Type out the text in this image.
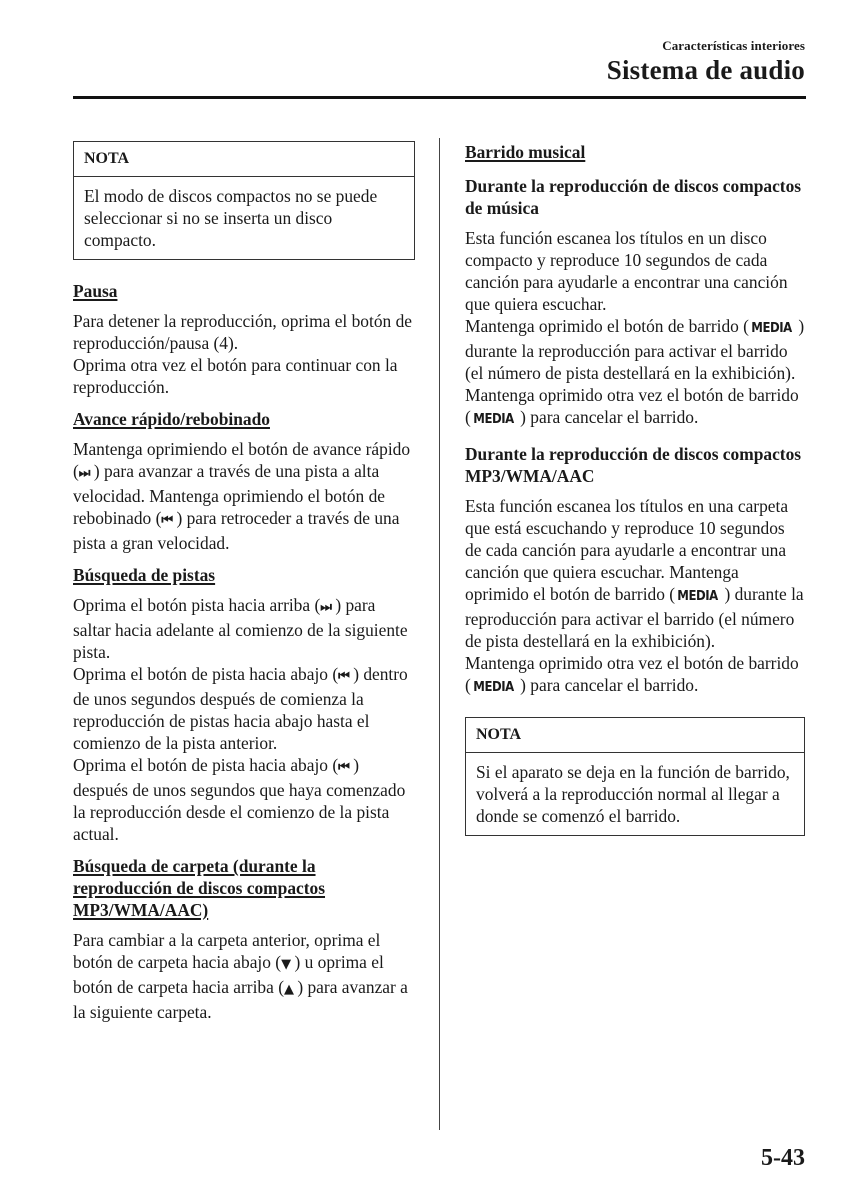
Características interiores
Sistema de audio
NOTA
El modo de discos compactos no se puede seleccionar si no se inserta un disco compacto.

Pausa

Para detener la reproducción, oprima el botón de reproducción/pausa (4).

Oprima otra vez el botón para continuar con la reproducción.

Avance rápido/rebobinado

Mantenga oprimiendo el botón de avance rápido (⏭ ) para avanzar a través de una pista a alta velocidad. Mantenga oprimiendo el botón de rebobinado (⏮ ) para retroceder a través de una pista a gran velocidad.

Búsqueda de pistas

Oprima el botón pista hacia arriba (⏭ ) para saltar hacia adelante al comienzo de la siguiente pista.

Oprima el botón de pista hacia abajo (⏮ ) dentro de unos segundos después de comienza la reproducción de pistas hacia abajo hasta el comienzo de la pista anterior.

Oprima el botón de pista hacia abajo (⏮ ) después de unos segundos que haya comenzado la reproducción desde el comienzo de la pista actual.

Búsqueda de carpeta (durante la reproducción de discos compactos MP3/WMA/AAC)

Para cambiar a la carpeta anterior, oprima el botón de carpeta hacia abajo (▼ ) u oprima el botón de carpeta hacia arriba (▲ ) para avanzar a la siguiente carpeta.

Barrido musical

Durante la reproducción de discos compactos de música

Esta función escanea los títulos en un disco compacto y reproduce 10 segundos de cada canción para ayudarle a encontrar una canción que quiera escuchar.

Mantenga oprimido el botón de barrido ( MEDIA ) durante la reproducción para activar el barrido (el número de pista destellará en la exhibición). Mantenga oprimido otra vez el botón de barrido ( MEDIA ) para cancelar el barrido.

Durante la reproducción de discos compactos MP3/WMA/AAC

Esta función escanea los títulos en una carpeta que está escuchando y reproduce 10 segundos de cada canción para ayudarle a encontrar una canción que quiera escuchar. Mantenga oprimido el botón de barrido ( MEDIA ) durante la reproducción para activar el barrido (el número de pista destellará en la exhibición).

Mantenga oprimido otra vez el botón de barrido ( MEDIA ) para cancelar el barrido.

NOTA
Si el aparato se deja en la función de barrido, volverá a la reproducción normal al llegar a donde se comenzó el barrido.
5-43
